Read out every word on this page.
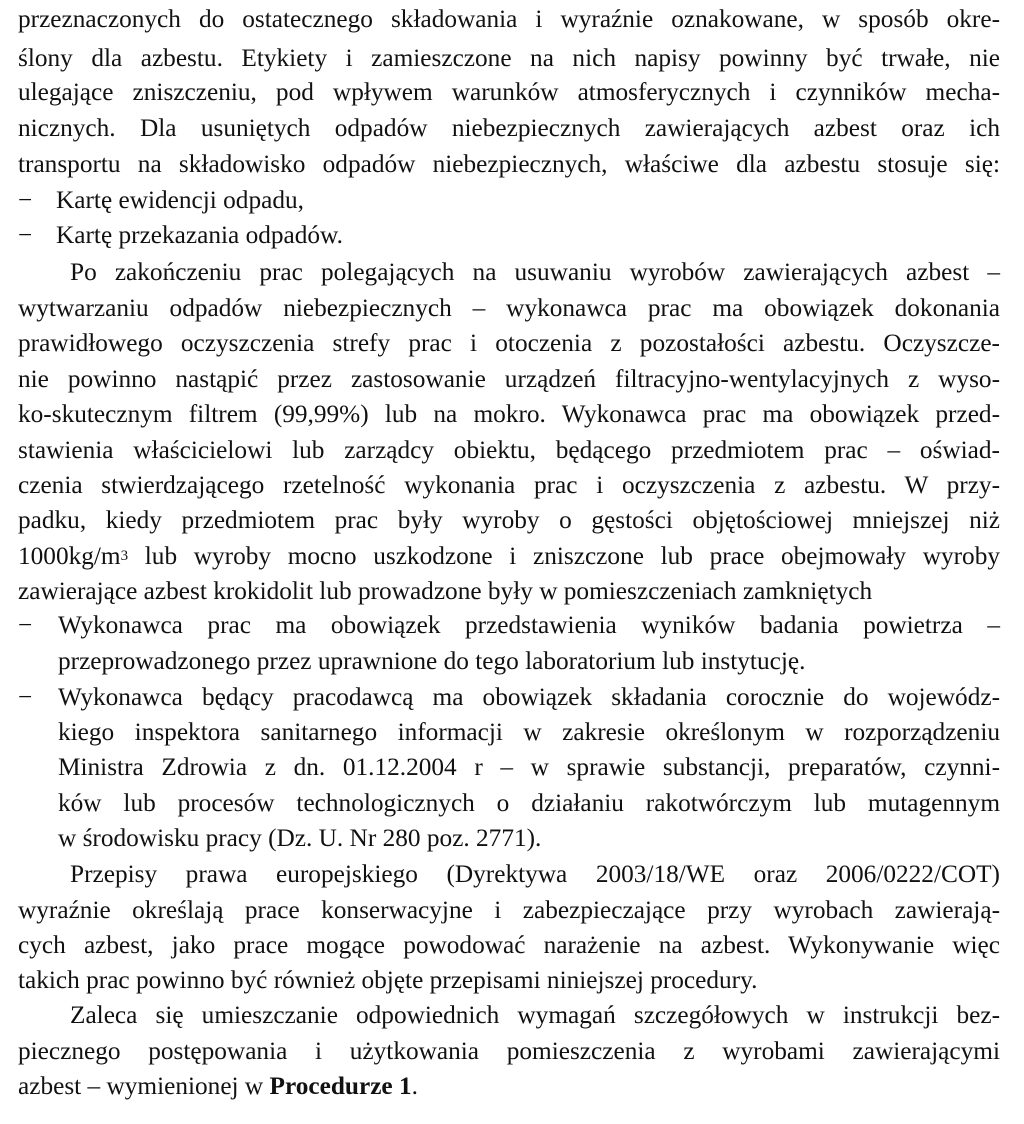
przeznaczonych do ostatecznego składowania i wyraźnie oznakowane, w sposób okre-
ślony dla azbestu. Etykiety i zamieszczone na nich napisy powinny być trwałe, nie
ulegające zniszczeniu, pod wpływem warunków atmosferycznych i czynników mecha-
nicznych. Dla usuniętych odpadów niebezpiecznych zawierających azbest oraz ich
transportu na składowisko odpadów niebezpiecznych, właściwe dla azbestu stosuje się:
− Kartę ewidencji odpadu,
− Kartę przekazania odpadów.
Po zakończeniu prac polegających na usuwaniu wyrobów zawierających azbest –
wytwarzaniu odpadów niebezpiecznych – wykonawca prac ma obowiązek dokonania
prawidłowego oczyszczenia strefy prac i otoczenia z pozostałości azbestu. Oczyszcze-
nie powinno nastąpić przez zastosowanie urządzeń filtracyjno-wentylacyjnych z wyso-
ko-skutecznym filtrem (99,99%) lub na mokro. Wykonawca prac ma obowiązek przed-
stawienia właścicielowi lub zarządcy obiektu, będącego przedmiotem prac – oświad-
czenia stwierdzającego rzetelność wykonania prac i oczyszczenia z azbestu. W przy-
padku, kiedy przedmiotem prac były wyroby o gęstości objętościowej mniejszej niż
$1000kg/m^3$ lub wyroby mocno uszkodzone i zniszczone lub prace obejmowały wyroby
zawierające azbest krokidolit lub prowadzone były w pomieszczeniach zamkniętych
− Wykonawca prac ma obowiązek przedstawienia wyników badania powietrza –
przeprowadzonego przez uprawnione do tego laboratorium lub instytucję.
− Wykonawca będący pracodawcą ma obowiązek składania corocznie do wojewódz-
kiego inspektora sanitarnego informacji w zakresie określonym w rozporządzeniu
Ministra Zdrowia z dn. 01.12.2004 r – w sprawie substancji, preparatów, czynni-
ków lub procesów technologicznych o działaniu rakotwórczym lub mutagennym
w środowisku pracy (Dz. U. Nr 280 poz. 2771).
Przepisy prawa europejskiego (Dyrektywa 2003/18/WE oraz 2006/0222/COT)
wyraźnie określają prace konserwacyjne i zabezpieczające przy wyrobach zawierają-
cych azbest, jako prace mogące powodować narażenie na azbest. Wykonywanie więc
takich prac powinno być również objęte przepisami niniejszej procedury.
Zaleca się umieszczanie odpowiednich wymagań szczegółowych w instrukcji bez-
piecznego postępowania i użytkowania pomieszczenia z wyrobami zawierającymi
azbest – wymienionej w Procedurze 1.
